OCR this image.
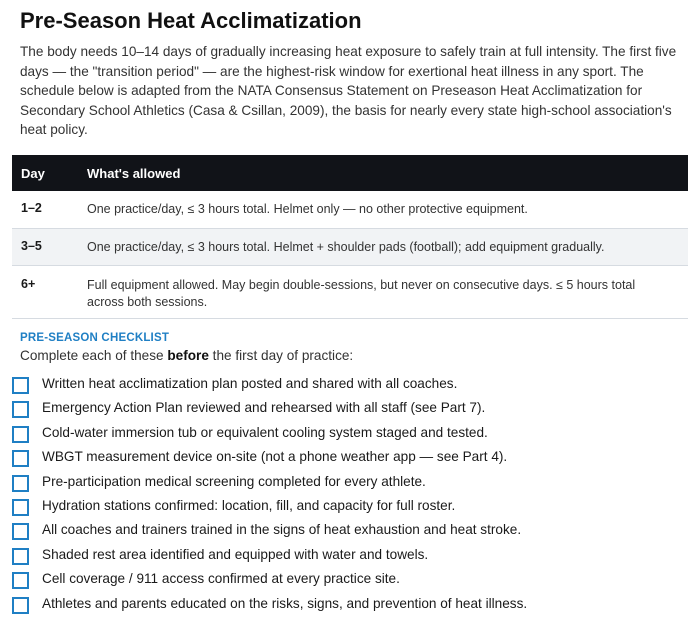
Pre-Season Heat Acclimatization

The body needs 10–14 days of gradually increasing heat exposure to safely train at full intensity. The first five days — the "transition period" — are the highest-risk window for exertional heat illness in any sport. The schedule below is adapted from the NATA Consensus Statement on Preseason Heat Acclimatization for Secondary School Athletics (Casa & Csillan, 2009), the basis for nearly every state high-school association's heat policy.

Day	What's allowed
1–2	One practice/day, ≤ 3 hours total. Helmet only — no other protective equipment.
3–5	One practice/day, ≤ 3 hours total. Helmet + shoulder pads (football); add equipment gradually.
6+	Full equipment allowed. May begin double-sessions, but never on consecutive days. ≤ 5 hours total across both sessions.
PRE-SEASON CHECKLIST

Complete each of these before the first day of practice:

Written heat acclimatization plan posted and shared with all coaches.
Emergency Action Plan reviewed and rehearsed with all staff (see Part 7).
Cold-water immersion tub or equivalent cooling system staged and tested.
WBGT measurement device on-site (not a phone weather app — see Part 4).
Pre-participation medical screening completed for every athlete.
Hydration stations confirmed: location, fill, and capacity for full roster.
All coaches and trainers trained in the signs of heat exhaustion and heat stroke.
Shaded rest area identified and equipped with water and towels.
Cell coverage / 911 access confirmed at every practice site.
Athletes and parents educated on the risks, signs, and prevention of heat illness.
